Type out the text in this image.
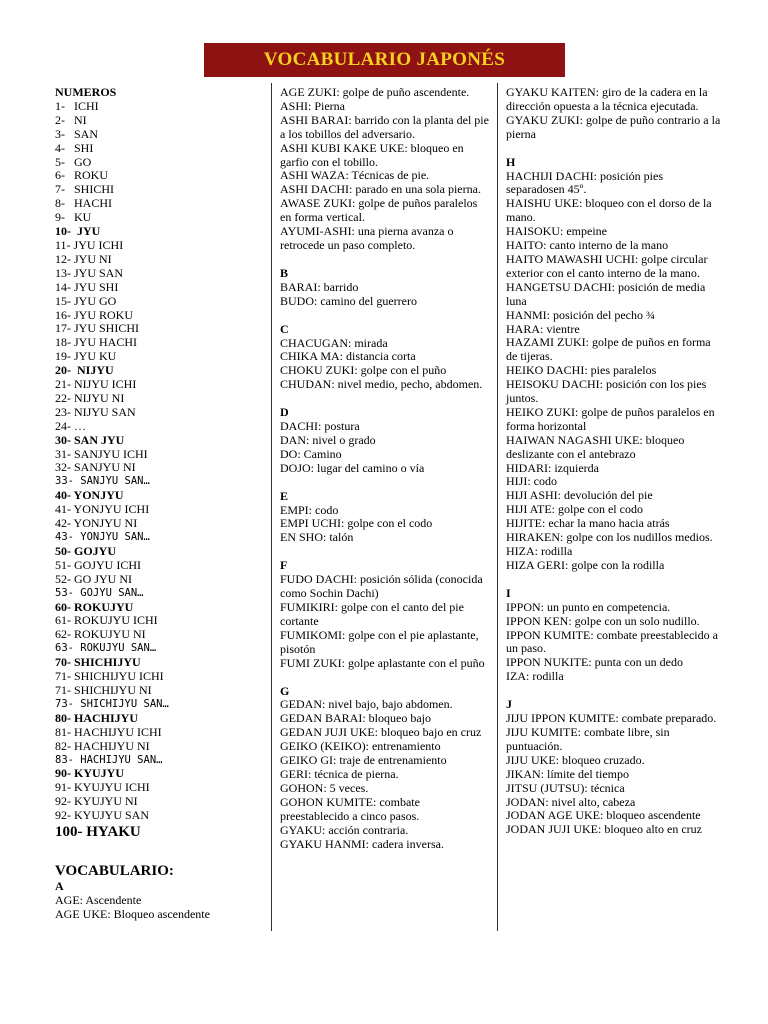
VOCABULARIO JAPONÉS
NUMEROS
1-   ICHI
2-   NI
3-   SAN
4-   SHI
5-   GO
6-   ROKU
7-   SHICHI
8-   HACHI
9-   KU
10-  JYU
11- JYU ICHI
12- JYU NI
13- JYU SAN
14- JYU SHI
15- JYU GO
16- JYU ROKU
17- JYU SHICHI
18- JYU HACHI
19- JYU KU
20-  NIJYU
21- NIJYU ICHI
22- NIJYU NI
23- NIJYU SAN
24- …
30- SAN JYU
31- SANJYU ICHI
32- SANJYU NI
33- SANJYU SAN…
40- YONJYU
41- YONJYU ICHI
42- YONJYU NI
43- YONJYU SAN…
50- GOJYU
51- GOJYU ICHI
52- GO JYU NI
53- GOJYU SAN…
60- ROKUJYU
61- ROKUJYU ICHI
62- ROKUJYU NI
63- ROKUJYU SAN…
70- SHICHIJYU
71- SHICHIJYU ICHI
71- SHICHIJYU NI
73- SHICHIJYU SAN…
80- HACHIJYU
81- HACHIJYU ICHI
82- HACHIJYU NI
83- HACHIJYU SAN…
90- KYUJYU
91- KYUJYU ICHI
92- KYUJYU NI
92- KYUJYU SAN
100- HYAKU
VOCABULARIO:
A
AGE: Ascendente
AGE UKE: Bloqueo ascendente
AGE ZUKI: golpe de puño ascendente.
ASHI: Pierna
ASHI BARAI: barrido con la planta del pie a los tobillos del adversario.
ASHI KUBI KAKE UKE: bloqueo en garfio con el tobillo.
ASHI WAZA: Técnicas de pie.
ASHI DACHI: parado en una sola pierna.
AWASE ZUKI: golpe de puños paralelos en forma vertical.
AYUMI-ASHI: una pierna avanza o retrocede un paso completo.
B
BARAI: barrido
BUDO: camino del guerrero
C
CHACUGAN: mirada
CHIKA MA: distancia corta
CHOKU ZUKI: golpe con el puño
CHUDAN: nivel medio, pecho, abdomen.
D
DACHI: postura
DAN: nivel o grado
DO: Camino
DOJO: lugar del camino o vía
E
EMPI: codo
EMPI UCHI: golpe con el codo
EN SHO: talón
F
FUDO DACHI: posición sólida (conocida como Sochin Dachi)
FUMIKIRI: golpe con el canto del pie cortante
FUMIKOMI: golpe con el pie aplastante, pisotón
FUMI ZUKI: golpe aplastante con el puño
G
GEDAN: nivel bajo, bajo abdomen.
GEDAN BARAI: bloqueo bajo
GEDAN JUJI UKE: bloqueo bajo en cruz
GEIKO (KEIKO): entrenamiento
GEIKO GI: traje de entrenamiento
GERI: técnica de pierna.
GOHON: 5 veces.
GOHON KUMITE: combate preestablecido a cinco pasos.
GYAKU: acción contraria.
GYAKU HANMI: cadera inversa.
GYAKU KAITEN: giro de la cadera en la dirección opuesta a la técnica ejecutada.
GYAKU ZUKI: golpe de puño contrario a la pierna
H
HACHIJI DACHI: posición pies separadosen 45º.
HAISHU UKE: bloqueo con el dorso de la mano.
HAISOKU: empeine
HAITO: canto interno de la mano
HAITO MAWASHI UCHI: golpe circular exterior con el canto interno de la mano.
HANGETSU DACHI: posición de media luna
HANMI: posición del pecho ¾
HARA: vientre
HAZAMI ZUKI: golpe de puños en forma de tijeras.
HEIKO DACHI: pies paralelos
HEISOKU DACHI: posición con los pies juntos.
HEIKO ZUKI: golpe de puños paralelos en forma horizontal
HAIWAN NAGASHI UKE: bloqueo deslizante con el antebrazo
HIDARI: izquierda
HIJI: codo
HIJI ASHI: devolución del pie
HIJI ATE: golpe con el codo
HIJITE: echar la mano hacia atrás
HIRAKEN: golpe con los nudillos medios.
HIZA: rodilla
HIZA GERI: golpe con la rodilla
I
IPPON: un punto en competencia.
IPPON KEN: golpe con un solo nudillo.
IPPON KUMITE: combate preestablecido a un paso.
IPPON NUKITE: punta con un dedo
IZA: rodilla
J
JIJU IPPON KUMITE: combate preparado.
JIJU KUMITE: combate libre, sin puntuación.
JIJU UKE: bloqueo cruzado.
JIKAN: límite del tiempo
JITSU (JUTSU): técnica
JODAN: nivel alto, cabeza
JODAN AGE UKE: bloqueo ascendente
JODAN JUJI UKE: bloqueo alto en cruz
